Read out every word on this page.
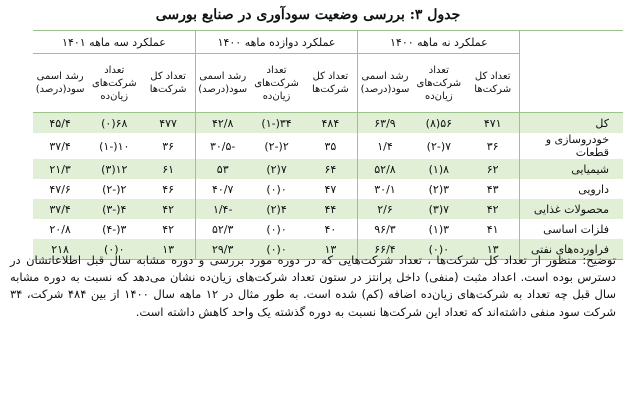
جدول ۳: بررسی وضعیت سودآوری در صنایع بورسی
	عملکرد نه ماهه ۱۴۰۰			عملکرد دوازده ماهه ۱۴۰۰			عملکرد سه ماهه ۱۴۰۱		
	تعداد کل شرکت‌ها	تعداد شرکت‌های زیان‌ده	رشد اسمی سود(درصد)	تعداد کل شرکت‌ها	تعداد شرکت‌های زیان‌ده	رشد اسمی سود(درصد)	تعداد کل شرکت‌ها	تعداد شرکت‌های زیان‌ده	رشد اسمی سود(درصد)
کل	۴۷۱	۵۶(۸)	۶۳/۹	۴۸۴	۳۴(-۱)	۴۲/۸	۴۷۷	۶۸(۰)	۴۵/۴
خودروسازی و قطعات	۳۶	۷(-۲)	۱/۴	۳۵	۲(-۲)	-۳۰/۵	۳۶	۱۰(-۱)	۳۷/۴
شیمیایی	۶۲	۸(۱)	۵۲/۸	۶۴	۷(۲)	۵۳	۶۱	۱۲(۳)	۲۱/۳
دارویی	۴۳	۳(۲)	۳۰/۱	۴۷	۰(۰)	۴۰/۷	۴۶	۲(-۲)	۴۷/۶
محصولات غذایی	۴۲	۷(۳)	۲/۶	۴۴	۴(۲)	-۱/۴	۴۲	۴(-۳)	۳۷/۴
فلزات اساسی	۴۱	۳(۱)	۹۶/۳	۴۰	۰(۰)	۵۲/۳	۴۲	۳(-۴)	۲۰/۸
فراورده‌های نفتی	۱۳	۰(۰)	۶۶/۴	۱۳	۰(۰)	۲۹/۳	۱۳	۰(۰)	۲۱۸

توضیح: منظور از تعداد کل شرکت‌ها ، تعداد شرکت‌هایی که در دوره مورد بررسی و دوره مشابه سال قبل اطلاعاتشان در دسترس بوده است. اعداد مثبت (منفی) داخل پرانتز در ستون تعداد شرکت‌های زیان‌ده نشان می‌دهد که نسبت به دوره مشابه سال قبل چه تعداد به شرکت‌های زیان‌ده اضافه (کم) شده است. به طور مثال در ۱۲ ماهه سال ۱۴۰۰ از بین ۴۸۴ شرکت، ۳۴ شرکت سود منفی داشته‌اند که تعداد این شرکت‌ها نسبت به دوره گذشته یک واحد کاهش داشته است.
